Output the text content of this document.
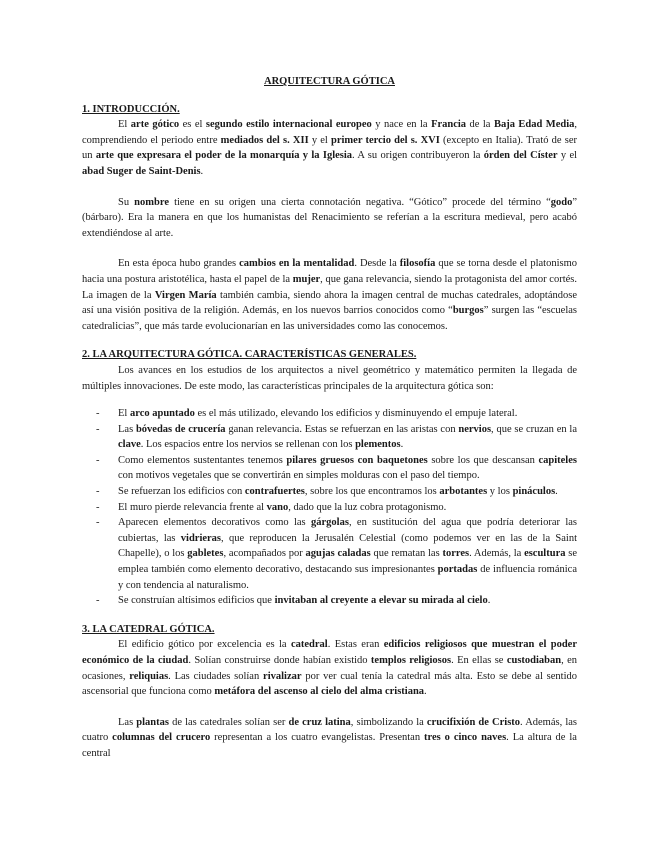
ARQUITECTURA GÓTICA
1. INTRODUCCIÓN.

El arte gótico es el segundo estilo internacional europeo y nace en la Francia de la Baja Edad Media, comprendiendo el periodo entre mediados del s. XII y el primer tercio del s. XVI (excepto en Italia). Trató de ser un arte que expresara el poder de la monarquía y la Iglesia. A su origen contribuyeron la órden del Císter y el abad Suger de Saint-Denis.

Su nombre tiene en su origen una cierta connotación negativa. “Gótico” procede del término “godo” (bárbaro). Era la manera en que los humanistas del Renacimiento se referían a la escritura medieval, pero acabó extendiéndose al arte.

En esta época hubo grandes cambios en la mentalidad. Desde la filosofía que se torna desde el platonismo hacia una postura aristotélica, hasta el papel de la mujer, que gana relevancia, siendo la protagonista del amor cortés. La imagen de la Virgen María también cambia, siendo ahora la imagen central de muchas catedrales, adoptándose así una visión positiva de la religión. Además, en los nuevos barrios conocidos como “burgos” surgen las “escuelas catedralicias”, que más tarde evolucionarían en las universidades como las conocemos.

2. LA ARQUITECTURA GÓTICA. CARACTERÍSTICAS GENERALES.

Los avances en los estudios de los arquitectos a nivel geométrico y matemático permiten la llegada de múltiples innovaciones. De este modo, las características principales de la arquitectura gótica son:

- El arco apuntado es el más utilizado, elevando los edificios y disminuyendo el empuje lateral.
- Las bóvedas de crucería ganan relevancia. Estas se refuerzan en las aristas con nervios, que se cruzan en la clave. Los espacios entre los nervios se rellenan con los plementos.
- Como elementos sustentantes tenemos pilares gruesos con baquetones sobre los que descansan capiteles con motivos vegetales que se convertirán en simples molduras con el paso del tiempo.
- Se refuerzan los edificios con contrafuertes, sobre los que encontramos los arbotantes y los pináculos.
- El muro pierde relevancia frente al vano, dado que la luz cobra protagonismo.
- Aparecen elementos decorativos como las gárgolas, en sustitución del agua que podría deteriorar las cubiertas, las vidrieras, que reproducen la Jerusalén Celestial (como podemos ver en las de la Saint Chapelle), o los gabletes, acompañados por agujas caladas que rematan las torres. Además, la escultura se emplea también como elemento decorativo, destacando sus impresionantes portadas de influencia románica y con tendencia al naturalismo.
- Se construían altísimos edificios que invitaban al creyente a elevar su mirada al cielo.
3. LA CATEDRAL GÓTICA.

El edificio gótico por excelencia es la catedral. Estas eran edificios religiosos que muestran el poder económico de la ciudad. Solían construirse donde habían existido templos religiosos. En ellas se custodiaban, en ocasiones, reliquias. Las ciudades solían rivalizar por ver cual tenía la catedral más alta. Esto se debe al sentido ascensorial que funciona como metáfora del ascenso al cielo del alma cristiana.

Las plantas de las catedrales solían ser de cruz latina, simbolizando la crucifixión de Cristo. Además, las cuatro columnas del crucero representan a los cuatro evangelistas. Presentan tres o cinco naves. La altura de la central
